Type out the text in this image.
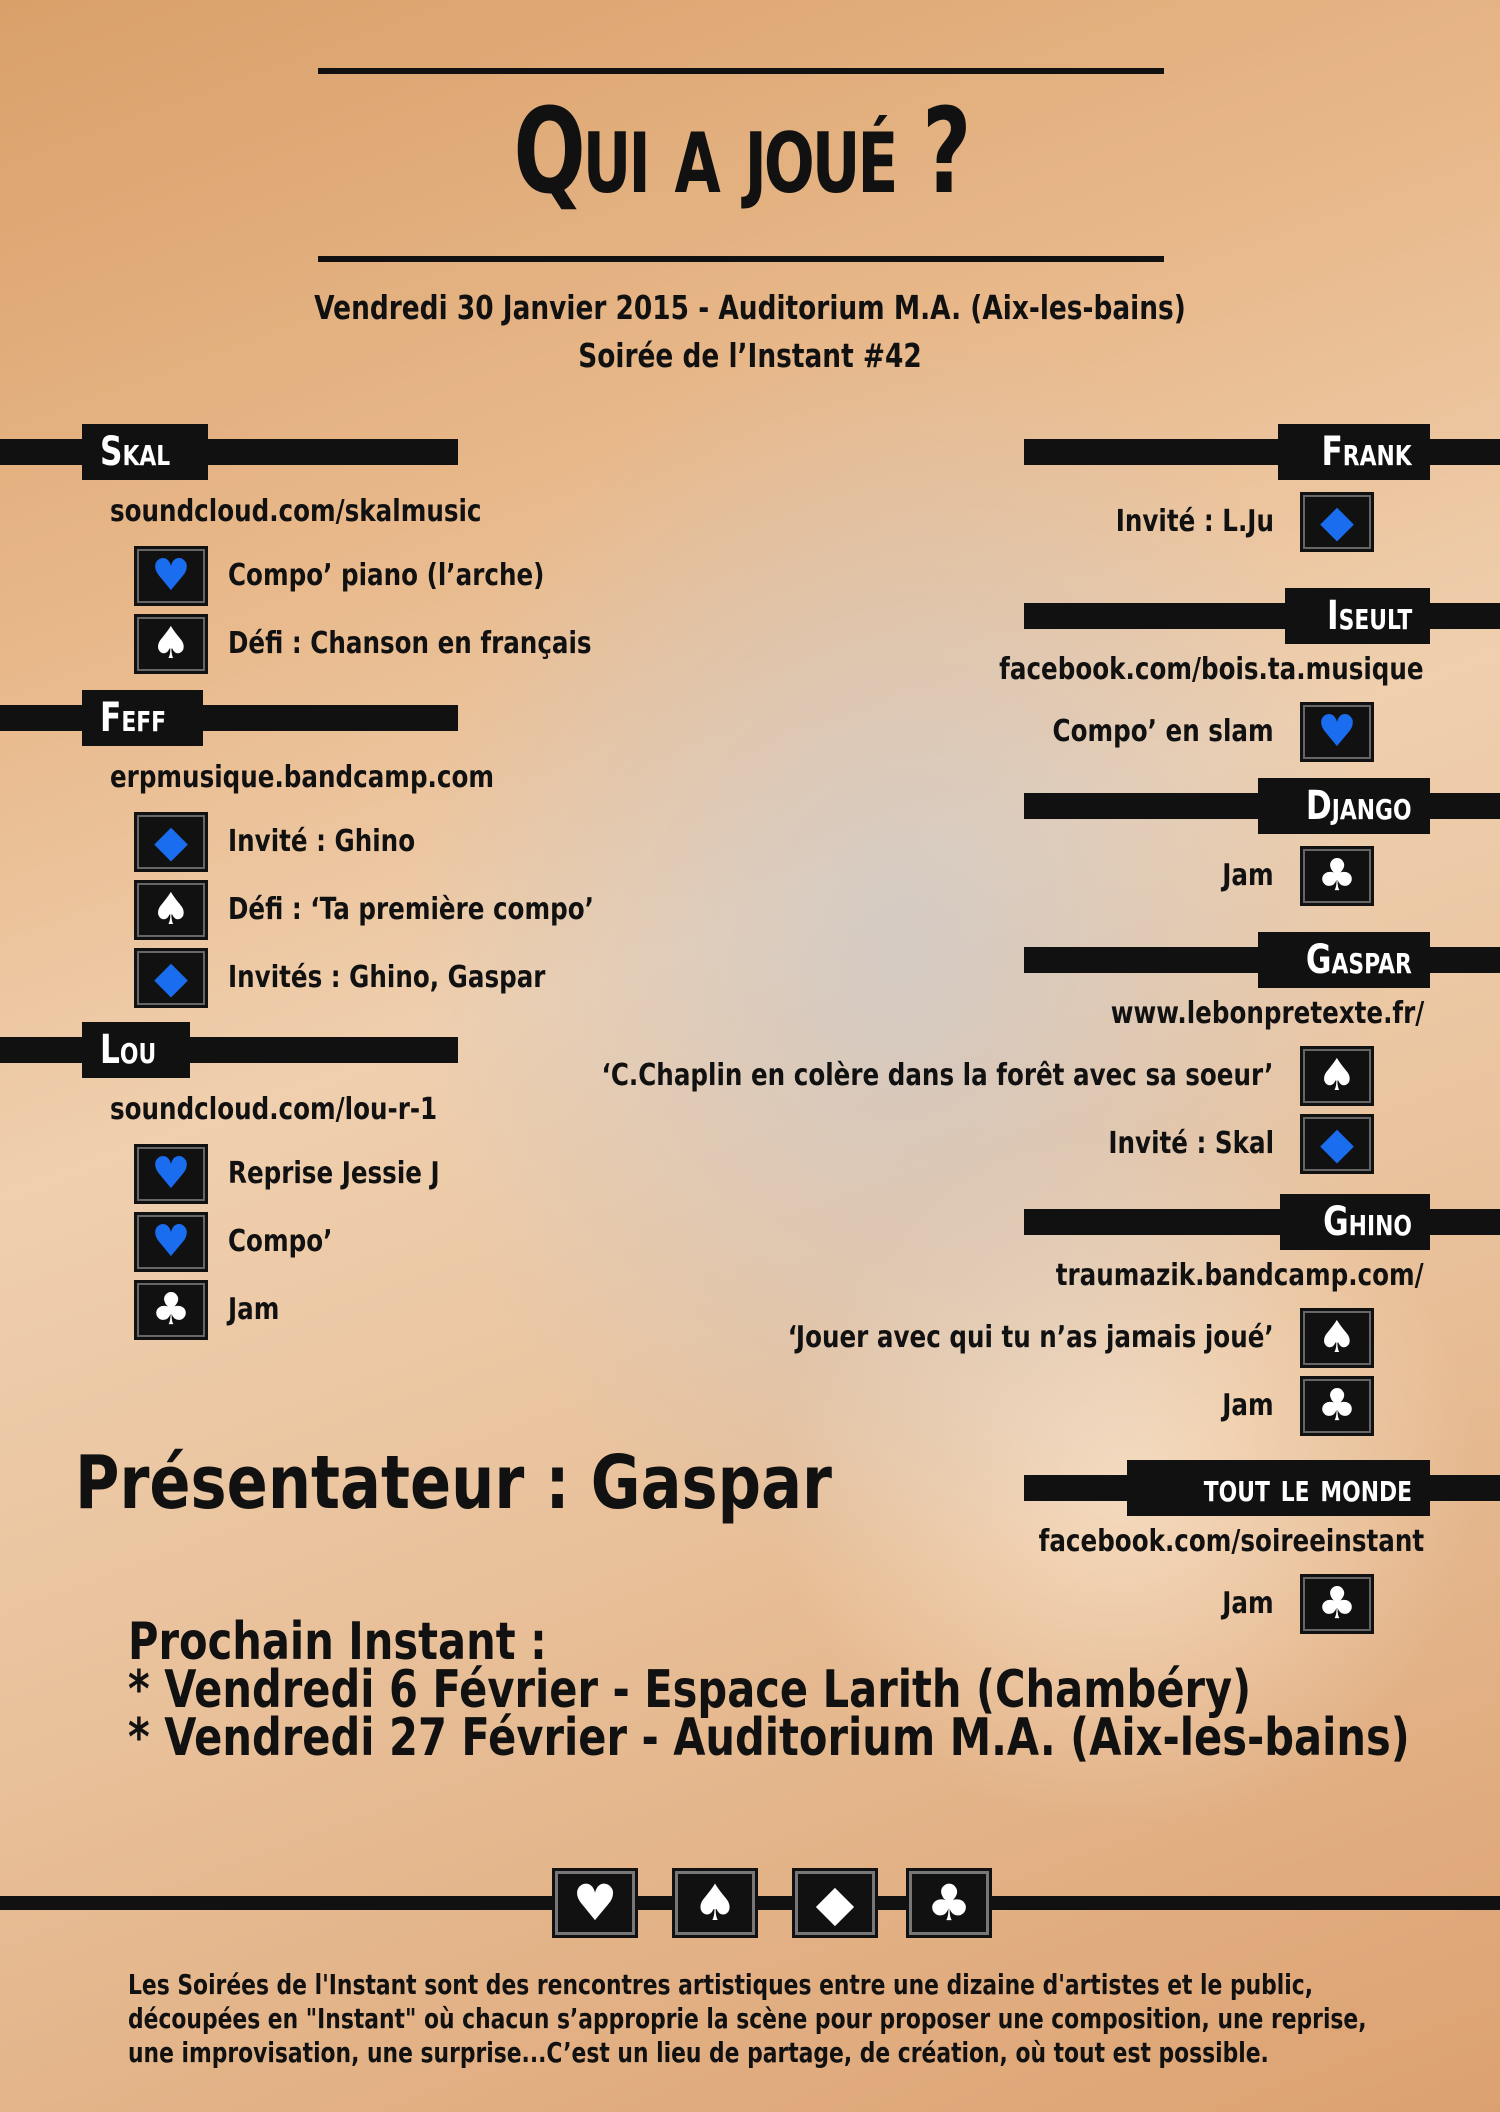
Qui a joué ?
Vendredi 30 Janvier 2015 - Auditorium M.A. (Aix-les-bains)
Soirée de l’Instant #42
Skal
soundcloud.com/skalmusic
♥	Compo’ piano (l’arche)
♠	Défi : Chanson en français
Feff
erpmusique.bandcamp.com
◆	Invité : Ghino
♠	Défi : ‘Ta première compo’
◆	Invités : Ghino, Gaspar
Lou
soundcloud.com/lou-r-1
♥	Reprise Jessie J
♥	Compo’
♣	Jam
Frank
◆
Invité : L.Ju
Iseult
facebook.com/bois.ta.musique
♥
Compo’ en slam
Django
♣
Jam
Gaspar
www.lebonpretexte.fr/
♠
‘C.Chaplin en colère dans la forêt avec sa soeur’
◆
Invité : Skal
Ghino
traumazik.bandcamp.com/
♠
‘Jouer avec qui tu n’as jamais joué’
♣
Jam
tout le monde
facebook.com/soireeinstant
♣
Jam
Présentateur : Gaspar
Prochain Instant :
* Vendredi 6 Février - Espace Larith (Chambéry)
* Vendredi 27 Février - Auditorium M.A. (Aix-les-bains)
♥	♠	◆	♣
Les Soirées de l'Instant sont des rencontres artistiques entre une dizaine d'artistes et le public,
découpées en "Instant" où chacun s’approprie la scène pour proposer une composition, une reprise,
une improvisation, une surprise...C’est un lieu de partage, de création, où tout est possible.
